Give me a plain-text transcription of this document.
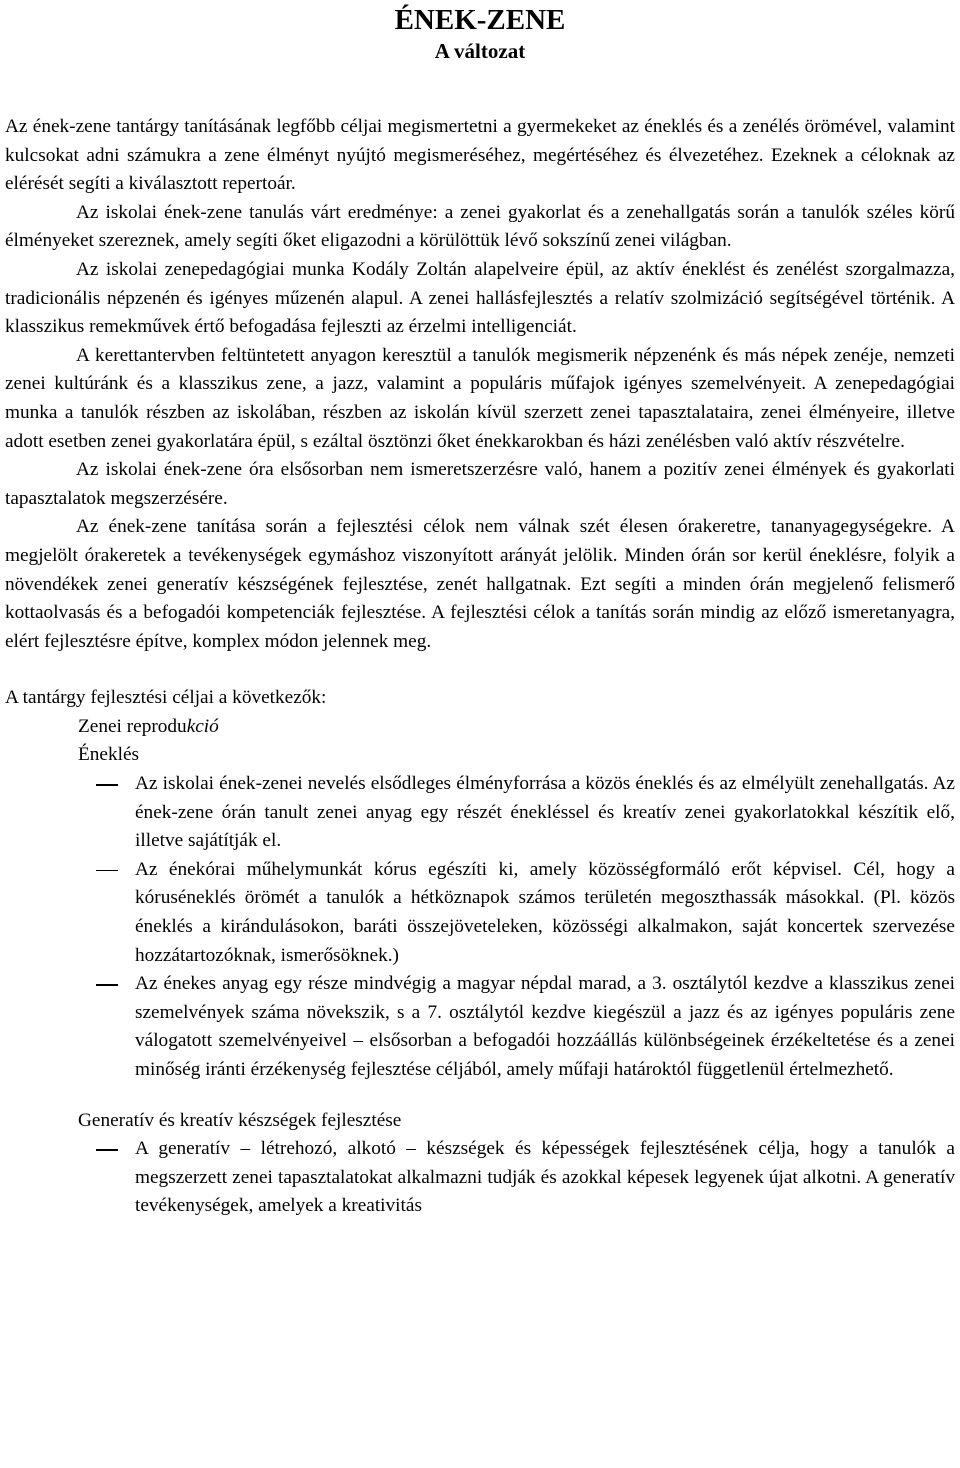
ÉNEK-ZENE
A változat

Az ének-zene tantárgy tanításának legfőbb céljai megismertetni a gyermekeket az éneklés és a zenélés örömével, valamint kulcsokat adni számukra a zene élményt nyújtó megismeréséhez, megértéséhez és élvezetéhez. Ezeknek a céloknak az elérését segíti a kiválasztott repertoár.

Az iskolai ének-zene tanulás várt eredménye: a zenei gyakorlat és a zenehallgatás során a tanulók széles körű élményeket szereznek, amely segíti őket eligazodni a körülöttük lévő sokszínű zenei világban.

Az iskolai zenepedagógiai munka Kodály Zoltán alapelveire épül, az aktív éneklést és zenélést szorgalmazza, tradicionális népzenén és igényes műzenén alapul. A zenei hallásfejlesztés a relatív szolmizáció segítségével történik. A klasszikus remekművek értő befogadása fejleszti az érzelmi intelligenciát.

A kerettantervben feltüntetett anyagon keresztül a tanulók megismerik népzenénk és más népek zenéje, nemzeti zenei kultúránk és a klasszikus zene, a jazz, valamint a populáris műfajok igényes szemelvényeit. A zenepedagógiai munka a tanulók részben az iskolában, részben az iskolán kívül szerzett zenei tapasztalataira, zenei élményeire, illetve adott esetben zenei gyakorlatára épül, s ezáltal ösztönzi őket énekkarokban és házi zenélésben való aktív részvételre.

Az iskolai ének-zene óra elsősorban nem ismeretszerzésre való, hanem a pozitív zenei élmények és gyakorlati tapasztalatok megszerzésére.

Az ének-zene tanítása során a fejlesztési célok nem válnak szét élesen órakeretre, tananyagegységekre. A megjelölt órakeretek a tevékenységek egymáshoz viszonyított arányát jelölik. Minden órán sor kerül éneklésre, folyik a növendékek zenei generatív készségének fejlesztése, zenét hallgatnak. Ezt segíti a minden órán megjelenő felismerő kottaolvasás és a befogadói kompetenciák fejlesztése. A fejlesztési célok a tanítás során mindig az előző ismeretanyagra, elért fejlesztésre építve, komplex módon jelennek meg.

A tantárgy fejlesztési céljai a következők:

Zenei reprodukció
Éneklés
Az iskolai ének-zenei nevelés elsődleges élményforrása a közös éneklés és az elmélyült zenehallgatás. Az ének-zene órán tanult zenei anyag egy részét énekléssel és kreatív zenei gyakorlatokkal készítik elő, illetve sajátítják el.
Az énekórai műhelymunkát kórus egészíti ki, amely közösségformáló erőt képvisel. Cél, hogy a kóruséneklés örömét a tanulók a hétköznapok számos területén megoszthassák másokkal. (Pl. közös éneklés a kirándulásokon, baráti összejöveteleken, közösségi alkalmakon, saját koncertek szervezése hozzátartozóknak, ismerősöknek.)
Az énekes anyag egy része mindvégig a magyar népdal marad, a 3. osztálytól kezdve a klasszikus zenei szemelvények száma növekszik, s a 7. osztálytól kezdve kiegészül a jazz és az igényes populáris zene válogatott szemelvényeivel – elsősorban a befogadói hozzáállás különbségeinek érzékeltetése és a zenei minőség iránti érzékenység fejlesztése céljából, amely műfaji határoktól függetlenül értelmezhető.
Generatív és kreatív készségek fejlesztése
A generatív – létrehozó, alkotó – készségek és képességek fejlesztésének célja, hogy a tanulók a megszerzett zenei tapasztalatokat alkalmazni tudják és azokkal képesek legyenek újat alkotni. A generatív tevékenységek, amelyek a kreativitás
